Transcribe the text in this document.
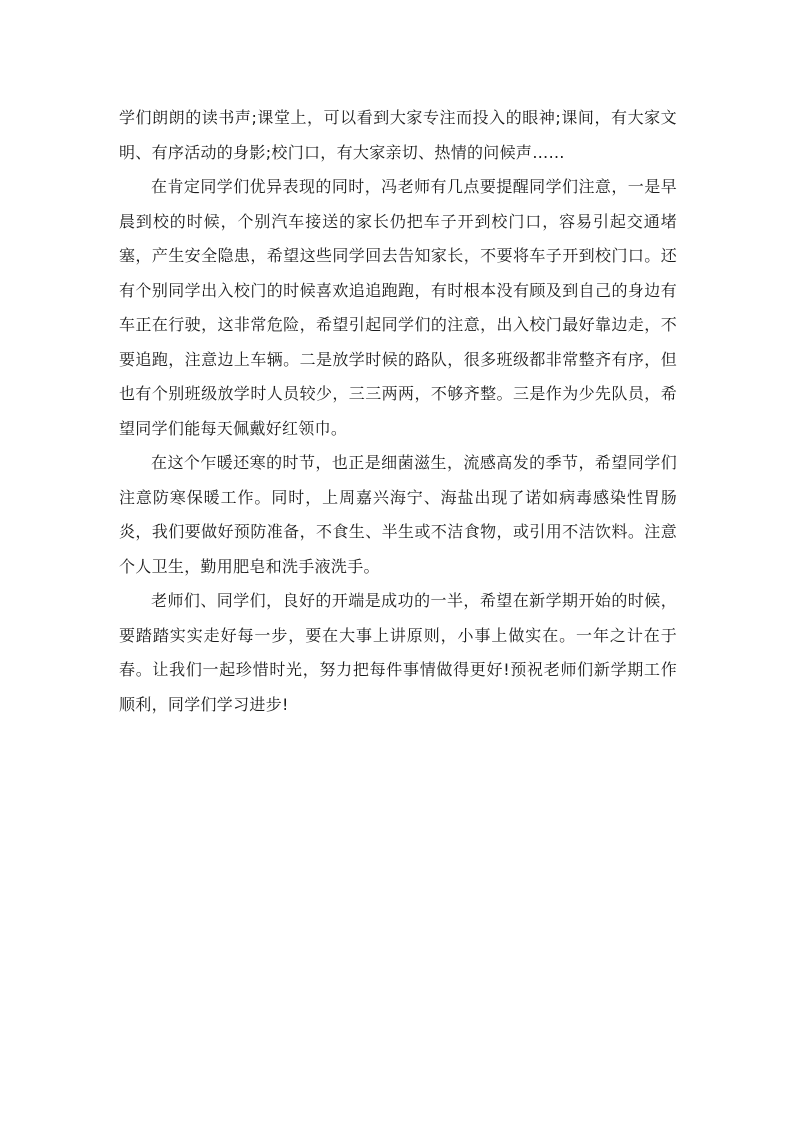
学们朗朗的读书声;课堂上，可以看到大家专注而投入的眼神;课间，有大家文明、有序活动的身影;校门口，有大家亲切、热情的问候声……

在肯定同学们优异表现的同时，冯老师有几点要提醒同学们注意，一是早晨到校的时候，个别汽车接送的家长仍把车子开到校门口，容易引起交通堵塞，产生安全隐患，希望这些同学回去告知家长，不要将车子开到校门口。还有个别同学出入校门的时候喜欢追追跑跑，有时根本没有顾及到自己的身边有车正在行驶，这非常危险，希望引起同学们的注意，出入校门最好靠边走，不要追跑，注意边上车辆。二是放学时候的路队，很多班级都非常整齐有序，但也有个别班级放学时人员较少，三三两两，不够齐整。三是作为少先队员，希望同学们能每天佩戴好红领巾。

在这个乍暖还寒的时节，也正是细菌滋生，流感高发的季节，希望同学们注意防寒保暖工作。同时，上周嘉兴海宁、海盐出现了诺如病毒感染性胃肠炎，我们要做好预防准备，不食生、半生或不洁食物，或引用不洁饮料。注意个人卫生，勤用肥皂和洗手液洗手。

老师们、同学们，良好的开端是成功的一半，希望在新学期开始的时候，要踏踏实实走好每一步，要在大事上讲原则，小事上做实在。一年之计在于春。让我们一起珍惜时光，努力把每件事情做得更好!预祝老师们新学期工作顺利，同学们学习进步!
